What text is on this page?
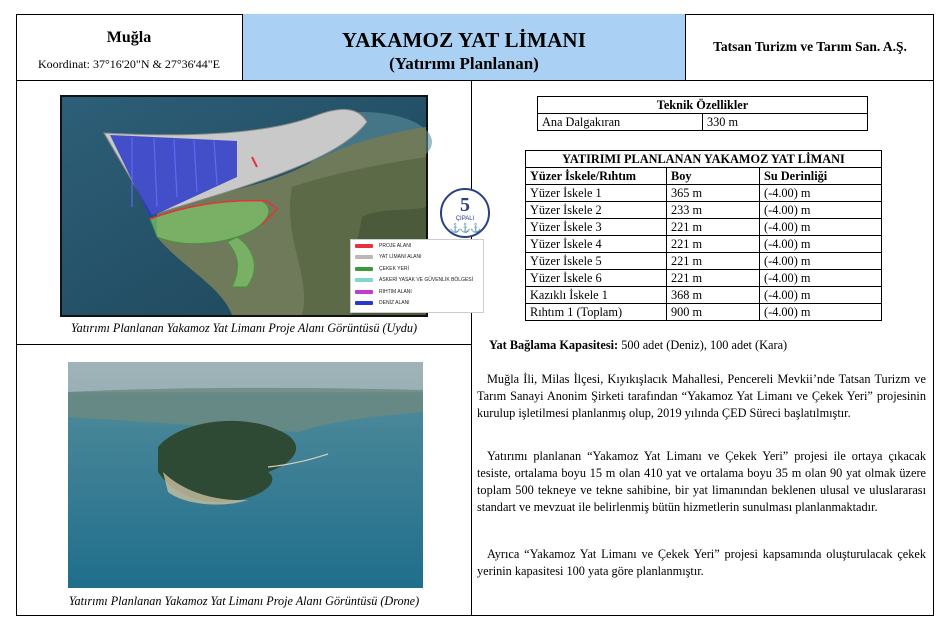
Muğla
Koordinat: 37°16'20"N & 27°36'44"E
YAKAMOZ YAT LİMANI
(Yatırımı Planlanan)
Tatsan Turizm ve Tarım San. A.Ş.
PROJE ALANI
YAT LİMANI ALANI
ÇEKEK YERİ
ASKERİ YASAK VE GÜVENLİK BÖLGESİ
RIHTIM ALANI
DENİZ ALANI
Yatırımı Planlanan Yakamoz Yat Limanı Proje Alanı Görüntüsü (Uydu)
Yatırımı Planlanan Yakamoz Yat Limanı Proje Alanı Görüntüsü (Drone)
5
ÇIPALI
⚓⚓⚓
Teknik Özellikler
Ana Dalgakıran	330 m
YATIRIMI PLANLANAN YAKAMOZ YAT LİMANI		
Yüzer İskele/Rıhtım	Boy	Su Derinliği
Yüzer İskele 1	365 m	(-4.00) m
Yüzer İskele 2	233 m	(-4.00) m
Yüzer İskele 3	221 m	(-4.00) m
Yüzer İskele 4	221 m	(-4.00) m
Yüzer İskele 5	221 m	(-4.00) m
Yüzer İskele 6	221 m	(-4.00) m
Kazıklı İskele 1	368 m	(-4.00) m
Rıhtım 1 (Toplam)	900 m	(-4.00) m
Yat Bağlama Kapasitesi: 500 adet (Deniz), 100 adet (Kara)

Muğla İli, Milas İlçesi, Kıyıkışlacık Mahallesi, Pencereli Mevkii’nde Tatsan Turizm ve Tarım Sanayi Anonim Şirketi tarafından “Yakamoz Yat Limanı ve Çekek Yeri” projesinin kurulup işletilmesi planlanmış olup, 2019 yılında ÇED Süreci başlatılmıştır.

Yatırımı planlanan “Yakamoz Yat Limanı ve Çekek Yeri” projesi ile ortaya çıkacak tesiste, ortalama boyu 15 m olan 410 yat ve ortalama boyu 35 m olan 90 yat olmak üzere toplam 500 tekneye ve tekne sahibine, bir yat limanından beklenen ulusal ve uluslararası standart ve mevzuat ile belirlenmiş bütün hizmetlerin sunulması planlanmaktadır.

Ayrıca “Yakamoz Yat Limanı ve Çekek Yeri” projesi kapsamında oluşturulacak çekek yerinin kapasitesi 100 yata göre planlanmıştır.
